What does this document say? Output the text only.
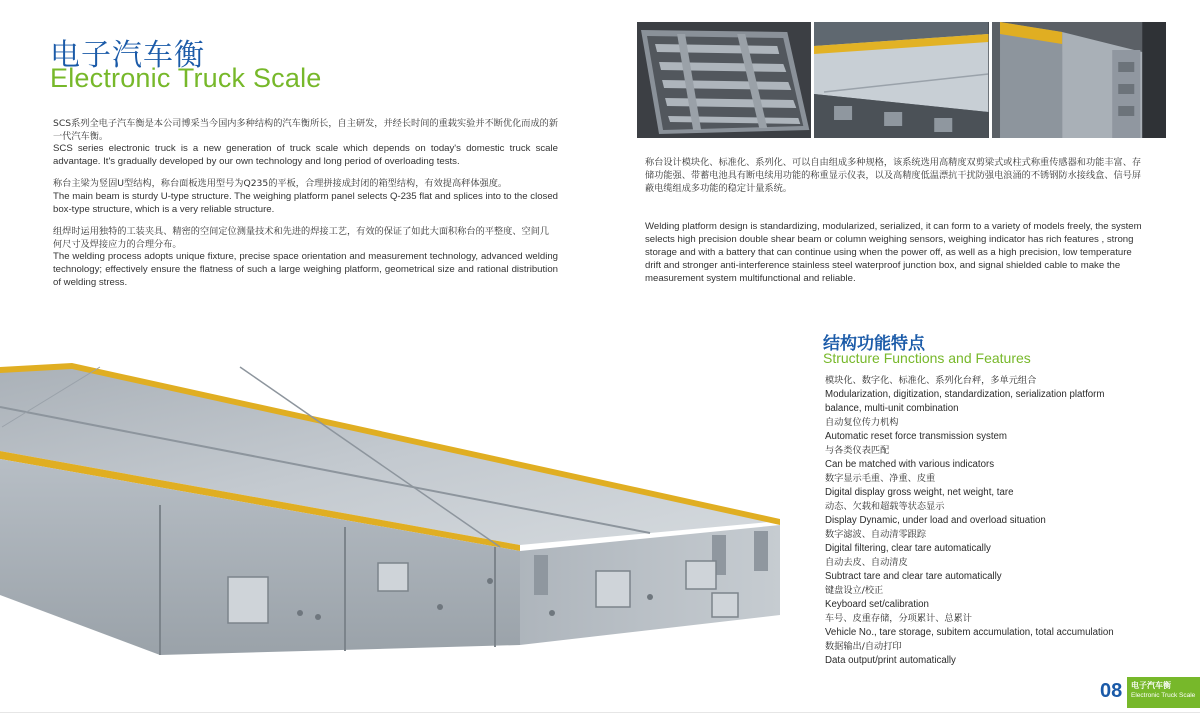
电子汽车衡
Electronic Truck Scale
SCS系列全电子汽车衡是本公司博采当今国内多种结构的汽车衡所长，自主研发，并经长时间的重载实验并不断优化而成的新一代汽车衡。
SCS series electronic truck is a new generation of truck scale which depends on today's domestic truck scale advantage. It's gradually developed by our own technology and long period of overloading tests.
称台主梁为竖固U型结构，称台面板选用型号为Q235的平板，合理拼接成封闭的箱型结构，有效提高秤体强度。
The main beam is sturdy U-type structure. The weighing platform panel selects Q-235 flat and splices into to the closed box-type structure, which is a very reliable structure.
组焊时运用独特的工装夹具、精密的空间定位测量技术和先进的焊接工艺，有效的保证了如此大面积称台的平整度、空间几何尺寸及焊接应力的合理分布。
The welding process adopts unique fixture, precise space orientation and measurement technology, advanced welding technology; effectively ensure the flatness of such a large weighing platform, geometrical size and rational distribution of welding stress.
称台设计模块化、标准化、系列化、可以自由组成多种规格，该系统选用高精度双剪梁式或柱式称重传感器和功能丰富、存储功能强、带蓄电池具有断电续用功能的称重显示仪表，以及高精度低温漂抗干扰防强电浪涌的不锈钢防水接线盒、信号屏蔽电缆组成多功能的稳定计量系统。
Welding platform design is standardizing, modularized, serialized, it can form to a variety of models freely, the system selects high precision double shear beam or column weighing sensors, weighing indicator has rich features , strong storage and with a battery that can continue using when the power off, as well as a high precision, low temperature drift and stronger anti-interference stainless steel waterproof junction box, and signal shielded cable to make the measurement system multifunctional and reliable.
结构功能特点
Structure Functions and Features
模块化、数字化、标准化、系列化台秤，多单元组合
Modularization, digitization, standardization, serialization platform
balance, multi-unit combination
自动复位传力机构
Automatic reset force transmission system
与各类仪表匹配
Can be matched with various indicators
数字显示毛重、净重、皮重
Digital display gross weight, net weight, tare
动态、欠载和超载等状态显示
Display Dynamic, under load and overload situation
数字滤波、自动清零跟踪
Digital filtering, clear tare automatically
自动去皮、自动清皮
Subtract tare and clear tare automatically
键盘设立/校正
Keyboard set/calibration
车号、皮重存储，分项累计、总累计
Vehicle No., tare storage, subitem accumulation, total accumulation
数据输出/自动打印
Data output/print automatically
08 电子汽车衡
Electronic Truck Scale
